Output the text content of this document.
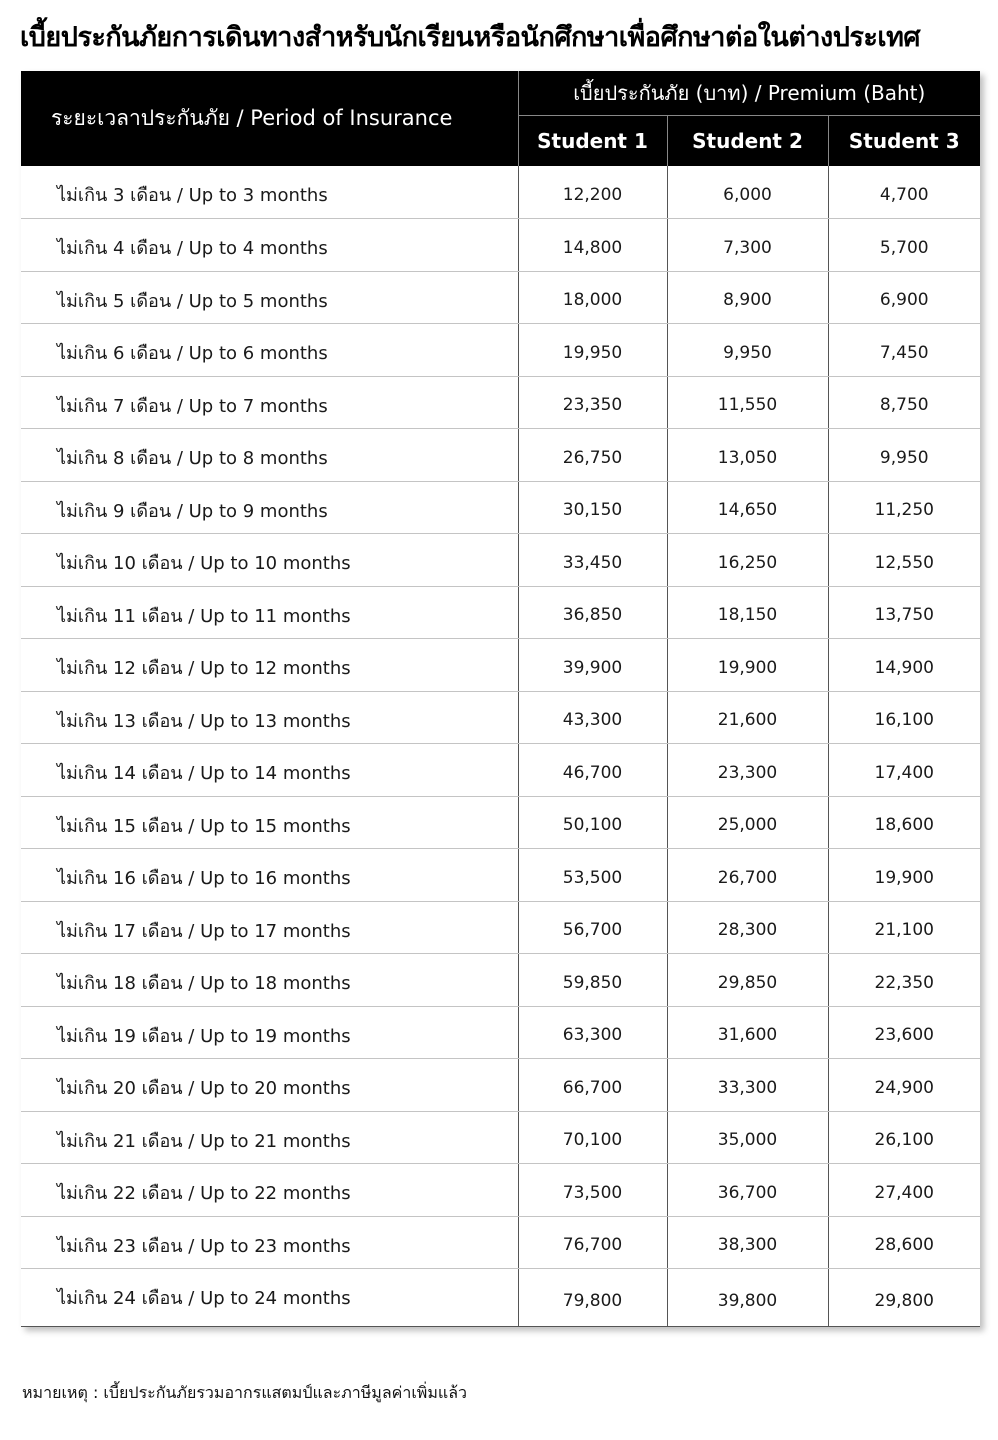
เบี้ยประกันภัยการเดินทางสำหรับนักเรียนหรือนักศึกษาเพื่อศึกษาต่อในต่างประเทศ
ระยะเวลาประกันภัย / Period of Insurance	เบี้ยประกันภัย (บาท) / Premium (Baht)		
	Student 1	Student 2	Student 3
ไม่เกิน 3 เดือน / Up to 3 months	12,200	6,000	4,700
ไม่เกิน 4 เดือน / Up to 4 months	14,800	7,300	5,700
ไม่เกิน 5 เดือน / Up to 5 months	18,000	8,900	6,900
ไม่เกิน 6 เดือน / Up to 6 months	19,950	9,950	7,450
ไม่เกิน 7 เดือน / Up to 7 months	23,350	11,550	8,750
ไม่เกิน 8 เดือน / Up to 8 months	26,750	13,050	9,950
ไม่เกิน 9 เดือน / Up to 9 months	30,150	14,650	11,250
ไม่เกิน 10 เดือน / Up to 10 months	33,450	16,250	12,550
ไม่เกิน 11 เดือน / Up to 11 months	36,850	18,150	13,750
ไม่เกิน 12 เดือน / Up to 12 months	39,900	19,900	14,900
ไม่เกิน 13 เดือน / Up to 13 months	43,300	21,600	16,100
ไม่เกิน 14 เดือน / Up to 14 months	46,700	23,300	17,400
ไม่เกิน 15 เดือน / Up to 15 months	50,100	25,000	18,600
ไม่เกิน 16 เดือน / Up to 16 months	53,500	26,700	19,900
ไม่เกิน 17 เดือน / Up to 17 months	56,700	28,300	21,100
ไม่เกิน 18 เดือน / Up to 18 months	59,850	29,850	22,350
ไม่เกิน 19 เดือน / Up to 19 months	63,300	31,600	23,600
ไม่เกิน 20 เดือน / Up to 20 months	66,700	33,300	24,900
ไม่เกิน 21 เดือน / Up to 21 months	70,100	35,000	26,100
ไม่เกิน 22 เดือน / Up to 22 months	73,500	36,700	27,400
ไม่เกิน 23 เดือน / Up to 23 months	76,700	38,300	28,600
ไม่เกิน 24 เดือน / Up to 24 months	79,800	39,800	29,800
หมายเหตุ : เบี้ยประกันภัยรวมอากรแสตมป์และภาษีมูลค่าเพิ่มแล้ว
